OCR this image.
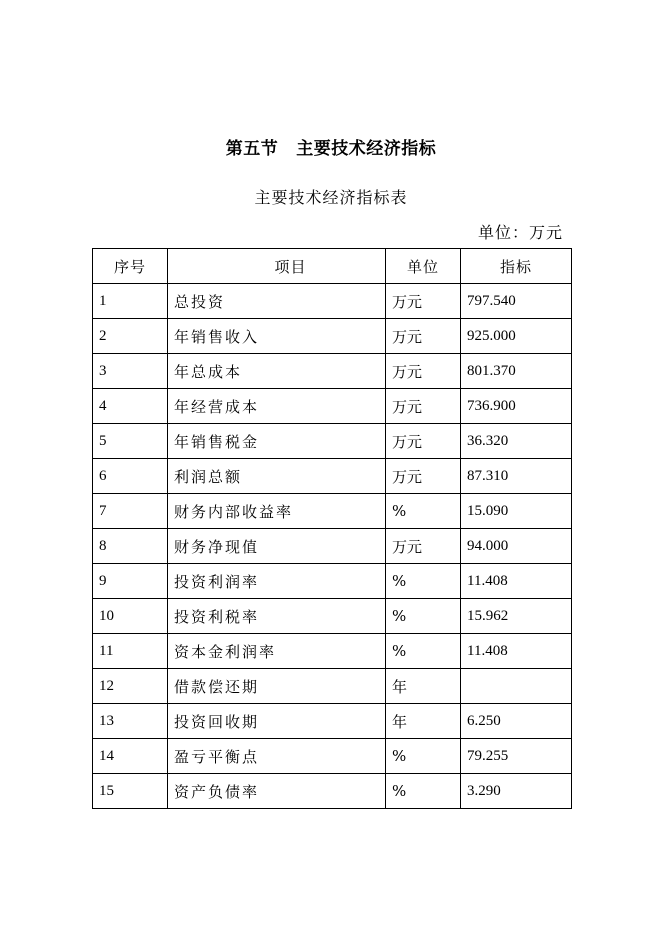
第五节 主要技术经济指标
主要技术经济指标表
单位：万元
序号	项目	单位	指标
1	总投资	万元	797.540
2	年销售收入	万元	925.000
3	年总成本	万元	801.370
4	年经营成本	万元	736.900
5	年销售税金	万元	36.320
6	利润总额	万元	87.310
7	财务内部收益率	%	15.090
8	财务净现值	万元	94.000
9	投资利润率	%	11.408
10	投资利税率	%	15.962
11	资本金利润率	%	11.408
12	借款偿还期	年	
13	投资回收期	年	6.250
14	盈亏平衡点	%	79.255
15	资产负债率	%	3.290
